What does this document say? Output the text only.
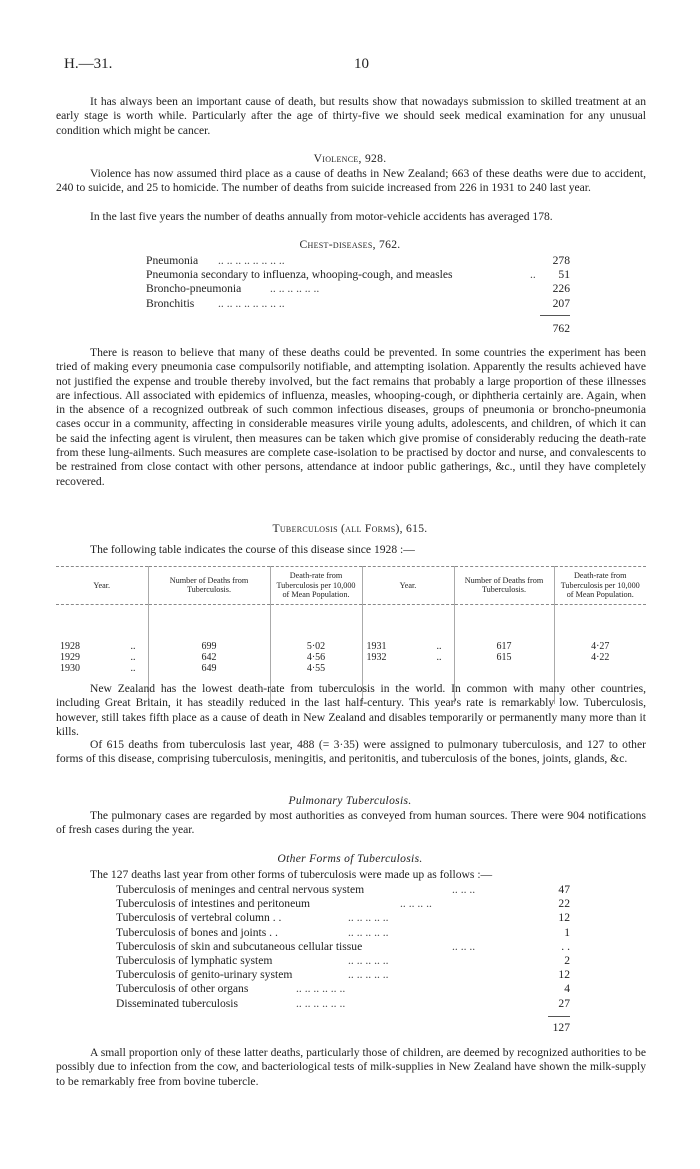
H.—31.	10

It has always been an important cause of death, but results show that nowadays submission to skilled treatment at an early stage is worth while. Particularly after the age of thirty-five we should seek medical examination for any unusual condition which might be cancer.

Violence, 928.

Violence has now assumed third place as a cause of deaths in New Zealand; 663 of these deaths were due to accident, 240 to suicide, and 25 to homicide. The number of deaths from suicide increased from 226 in 1931 to 240 last year.

In the last five years the number of deaths annually from motor-vehicle accidents has averaged 178.

Chest-diseases, 762.
Pneumonia .. .. .. .. .. .. .. ..	278
Pneumonia secondary to influenza, whooping-cough, and measles	.. 51
Broncho-pneumonia .. .. .. .. .. ..	226
Bronchitis .. .. .. .. .. .. .. ..	207
762

There is reason to believe that many of these deaths could be prevented. In some countries the experiment has been tried of making every pneumonia case compulsorily notifiable, and attempting isolation. Apparently the results achieved have not justified the expense and trouble thereby involved, but the fact remains that probably a large proportion of these illnesses are infectious. All associated with epidemics of influenza, measles, whooping-cough, or diphtheria certainly are. Again, when in the absence of a recognized outbreak of such common infectious diseases, groups of pneumonia or broncho-pneumonia cases occur in a community, affecting in considerable measures virile young adults, adolescents, and children, of which it can be said the infecting agent is virulent, then measures can be taken which give promise of considerably reducing the death-rate from these lung-ailments. Such measures are complete case-isolation to be practised by doctor and nurse, and convalescents to be restrained from close contact with other persons, attendance at indoor public gatherings, &c., until they have completely recovered.

Tuberculosis (all Forms), 615.

The following table indicates the course of this disease since 1928 :—

Year.	Number of Deaths from Tuberculosis.	Death-rate from Tuberculosis per 10,000 of Mean Population.	Year.	Number of Deaths from Tuberculosis.	Death-rate from Tuberculosis per 10,000 of Mean Population.

1928 ..	699	5·02	1931 ..	617	4·27
1929 ..	642	4·56	1932 ..	615	4·22
1930 ..	649	4·55			

New Zealand has the lowest death-rate from tuberculosis in the world. In common with many other countries, including Great Britain, it has steadily reduced in the last half-century. This year's rate is remarkably low. Tuberculosis, however, still takes fifth place as a cause of death in New Zealand and disables temporarily or permanently many more than it kills.

Of 615 deaths from tuberculosis last year, 488 (= 3·35) were assigned to pulmonary tuberculosis, and 127 to other forms of this disease, comprising tuberculosis, meningitis, and peritonitis, and tuberculosis of the bones, joints, glands, &c.

Pulmonary Tuberculosis.

The pulmonary cases are regarded by most authorities as conveyed from human sources. There were 904 notifications of fresh cases during the year.

Other Forms of Tuberculosis.

The 127 deaths last year from other forms of tuberculosis were made up as follows :—

Tuberculosis of meninges and central nervous system	.. .. ..	47
Tuberculosis of intestines and peritoneum	.. .. .. ..	22
Tuberculosis of vertebral column . .	.. .. .. .. ..	12
Tuberculosis of bones and joints . .	.. .. .. .. ..	1
Tuberculosis of skin and subcutaneous cellular tissue	.. .. ..	. .
Tuberculosis of lymphatic system	.. .. .. .. ..	2
Tuberculosis of genito-urinary system	.. .. .. .. ..	12
Tuberculosis of other organs	.. .. .. .. .. ..	4
Disseminated tuberculosis	.. .. .. .. .. ..	27
127

A small proportion only of these latter deaths, particularly those of children, are deemed by recognized authorities to be possibly due to infection from the cow, and bacteriological tests of milk-supplies in New Zealand have shown the milk-supply to be remarkably free from bovine tubercle.
